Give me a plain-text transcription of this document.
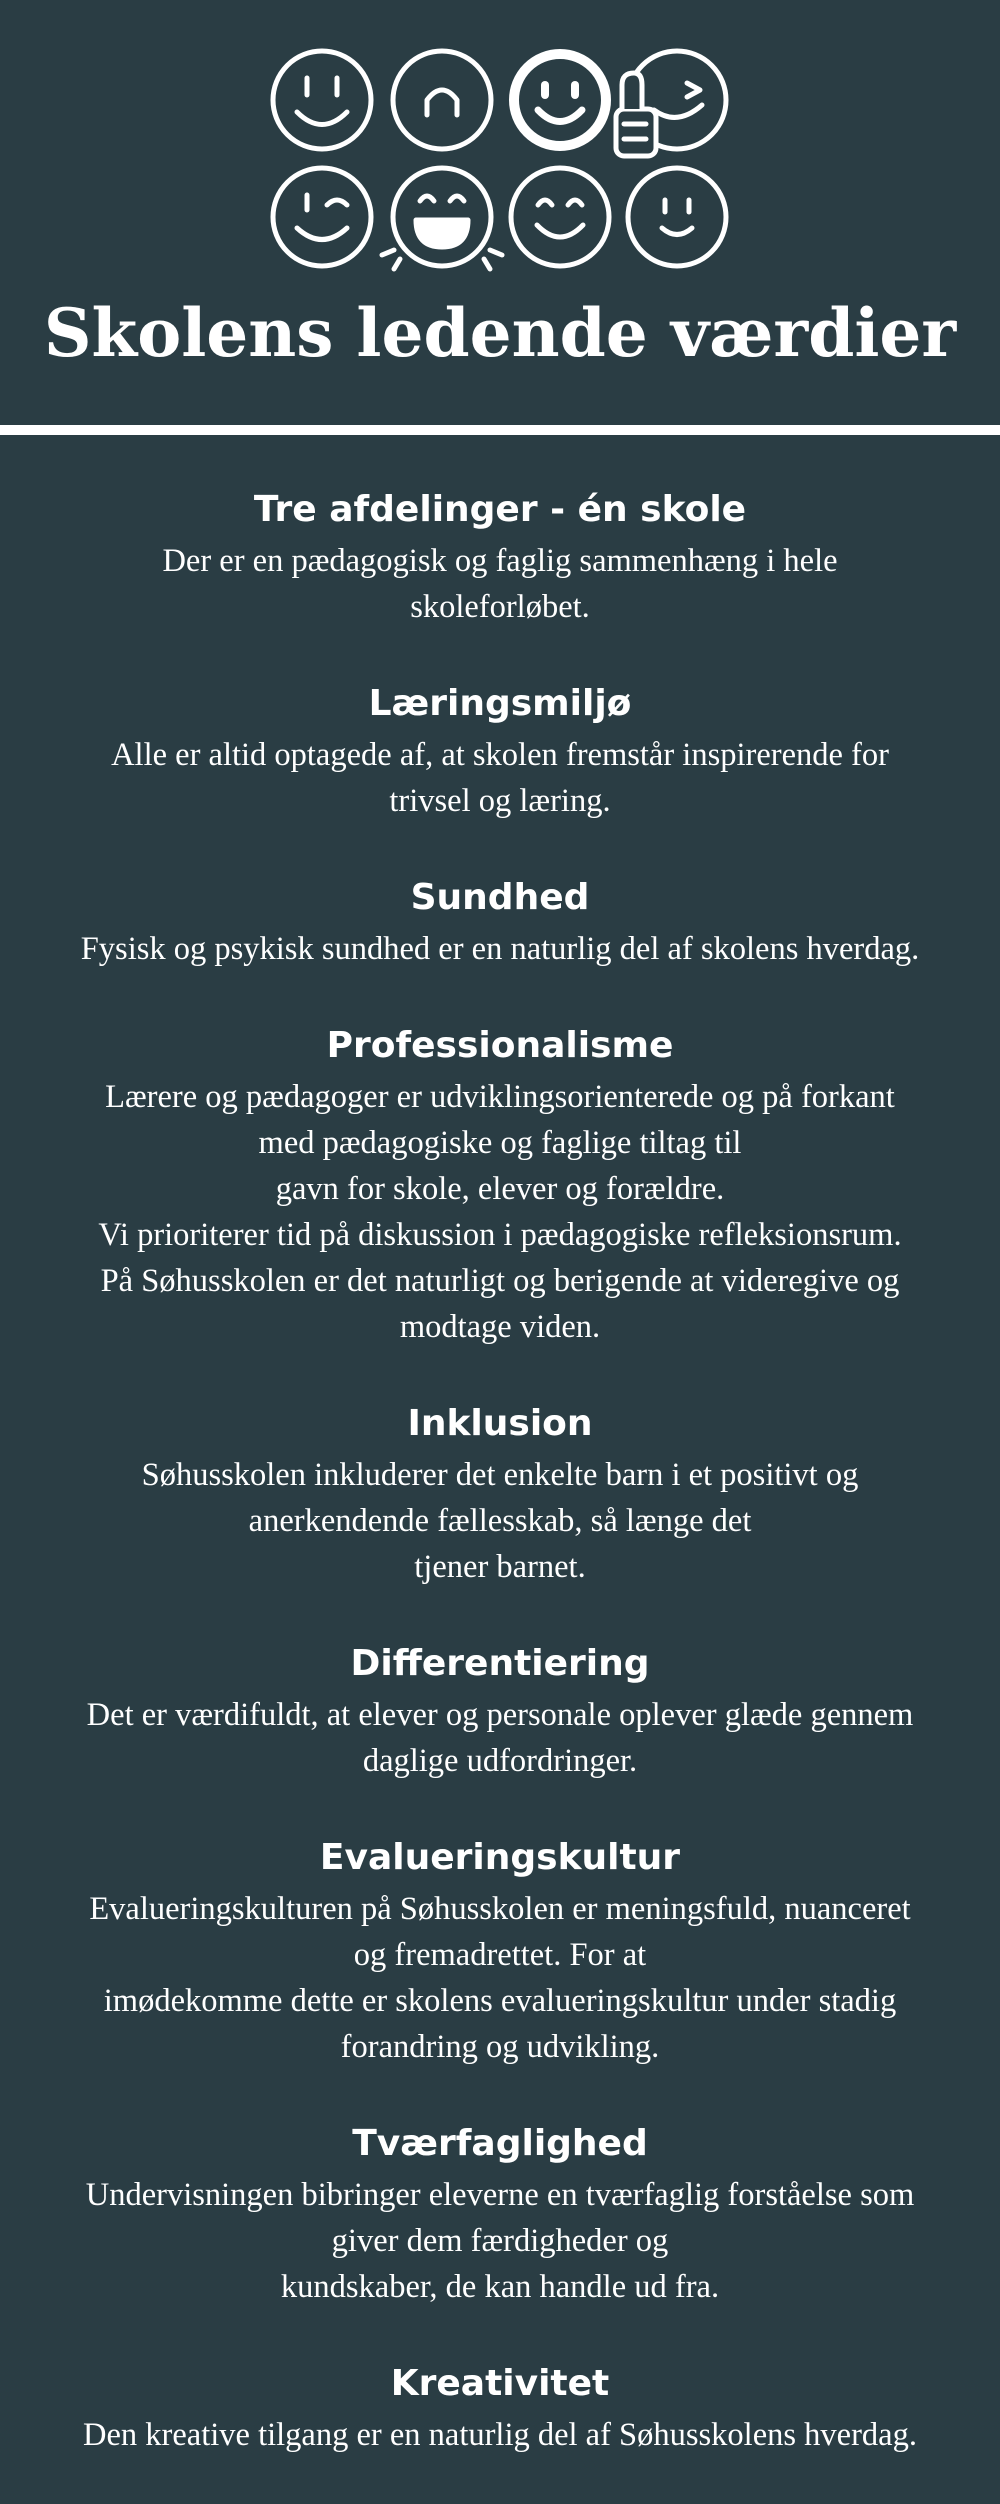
Skolens ledende værdier
Tre afdelinger - én skole

Der er en pædagogisk og faglig sammenhæng i hele
skoleforløbet.

Læringsmiljø

Alle er altid optagede af, at skolen fremstår inspirerende for
trivsel og læring.

Sundhed

Fysisk og psykisk sundhed er en naturlig del af skolens hverdag.

Professionalisme

Lærere og pædagoger er udviklingsorienterede og på forkant
med pædagogiske og faglige tiltag til
gavn for skole, elever og forældre.
Vi prioriterer tid på diskussion i pædagogiske refleksionsrum.
På Søhusskolen er det naturligt og berigende at videregive og
modtage viden.

Inklusion

Søhusskolen inkluderer det enkelte barn i et positivt og
anerkendende fællesskab, så længe det
tjener barnet.

Differentiering

Det er værdifuldt, at elever og personale oplever glæde gennem
daglige udfordringer.

Evalueringskultur

Evalueringskulturen på Søhusskolen er meningsfuld, nuanceret
og fremadrettet. For at
imødekomme dette er skolens evalueringskultur under stadig
forandring og udvikling.

Tværfaglighed

Undervisningen bibringer eleverne en tværfaglig forståelse som
giver dem færdigheder og
kundskaber, de kan handle ud fra.

Kreativitet

Den kreative tilgang er en naturlig del af Søhusskolens hverdag.
